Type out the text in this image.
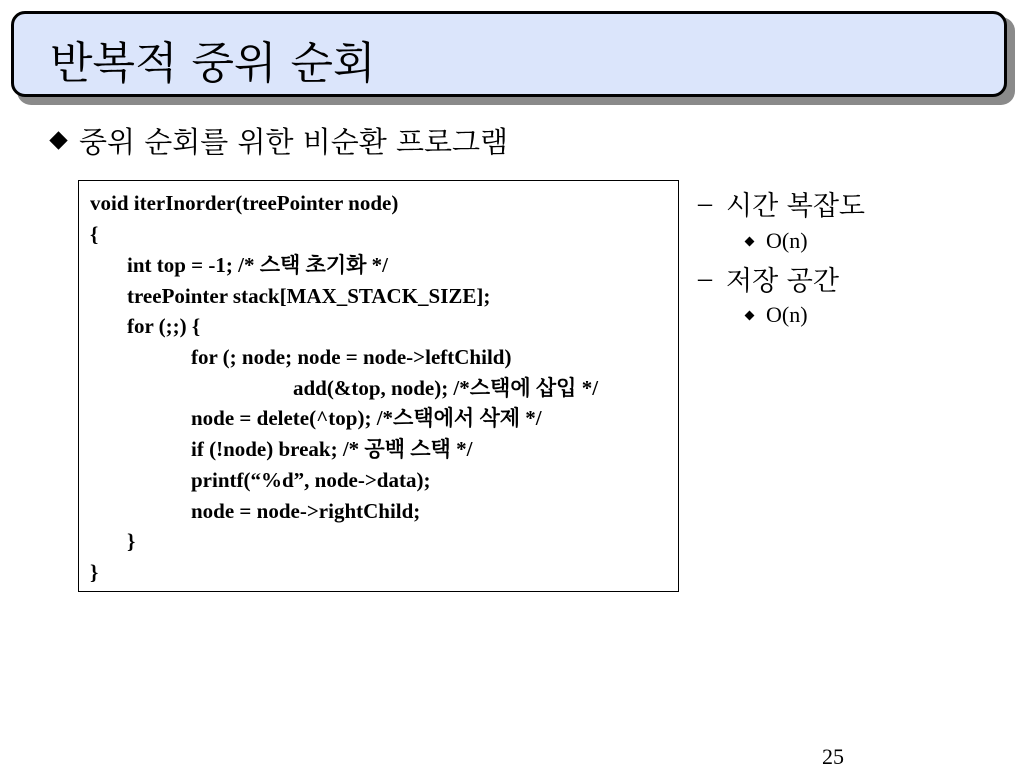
반복적 중위 순회
중위 순회를 위한 비순환 프로그램
void iterInorder(treePointer node)
{
int top = -1; /* 스택 초기화 */
treePointer stack[MAX_STACK_SIZE];
for (;;) {
for (; node; node = node->leftChild)
add(&top, node); /*스택에 삽입 */
node = delete(^top); /*스택에서 삭제 */
if (!node) break; /* 공백 스택 */
printf(“%d”, node->data);
node = node->rightChild;
}
}
– 시간 복잡도
O(n)
– 저장 공간
O(n)
25
